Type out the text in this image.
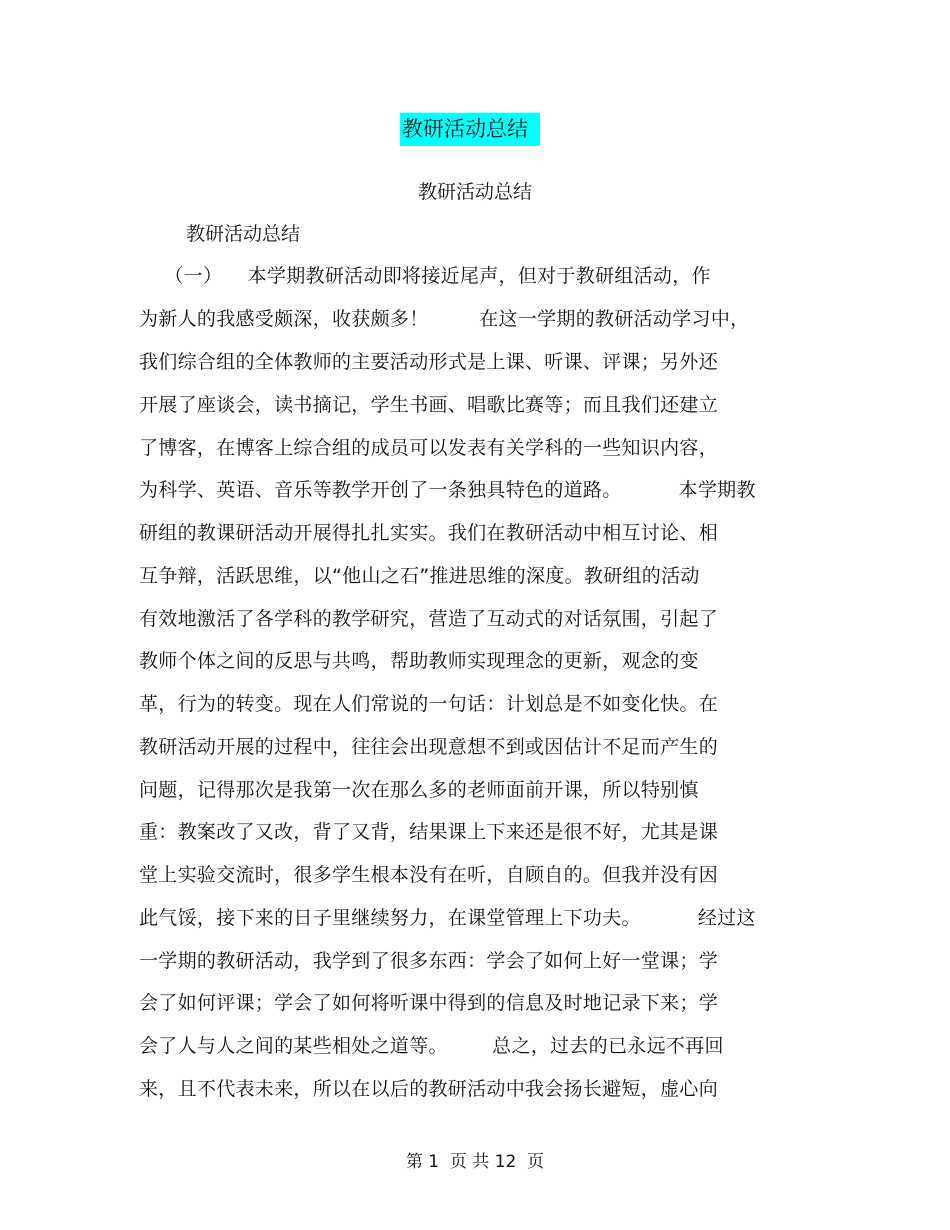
教研活动总结
教研活动总结
教研活动总结
（一）    本学期教研活动即将接近尾声，但对于教研组活动，作
为新人的我感受颇深，收获颇多！        在这一学期的教研活动学习中，
我们综合组的全体教师的主要活动形式是上课、听课、评课；另外还
开展了座谈会，读书摘记，学生书画、唱歌比赛等；而且我们还建立
了博客，在博客上综合组的成员可以发表有关学科的一些知识内容，
为科学、英语、音乐等教学开创了一条独具特色的道路。         本学期教
研组的教课研活动开展得扎扎实实。我们在教研活动中相互讨论、相
互争辩，活跃思维，以“他山之石”推进思维的深度。教研组的活动
有效地激活了各学科的教学研究，营造了互动式的对话氛围，引起了
教师个体之间的反思与共鸣，帮助教师实现理念的更新，观念的变
革，行为的转变。现在人们常说的一句话：计划总是不如变化快。在
教研活动开展的过程中，往往会出现意想不到或因估计不足而产生的
问题，记得那次是我第一次在那么多的老师面前开课，所以特别慎
重：教案改了又改，背了又背，结果课上下来还是很不好，尤其是课
堂上实验交流时，很多学生根本没有在听，自顾自的。但我并没有因
此气馁，接下来的日子里继续努力，在课堂管理上下功夫。         经过这
一学期的教研活动，我学到了很多东西：学会了如何上好一堂课；学
会了如何评课；学会了如何将听课中得到的信息及时地记录下来；学
会了人与人之间的某些相处之道等。       总之，过去的已永远不再回
来，且不代表未来，所以在以后的教研活动中我会扬长避短，虚心向
第 1  页 共 12  页
